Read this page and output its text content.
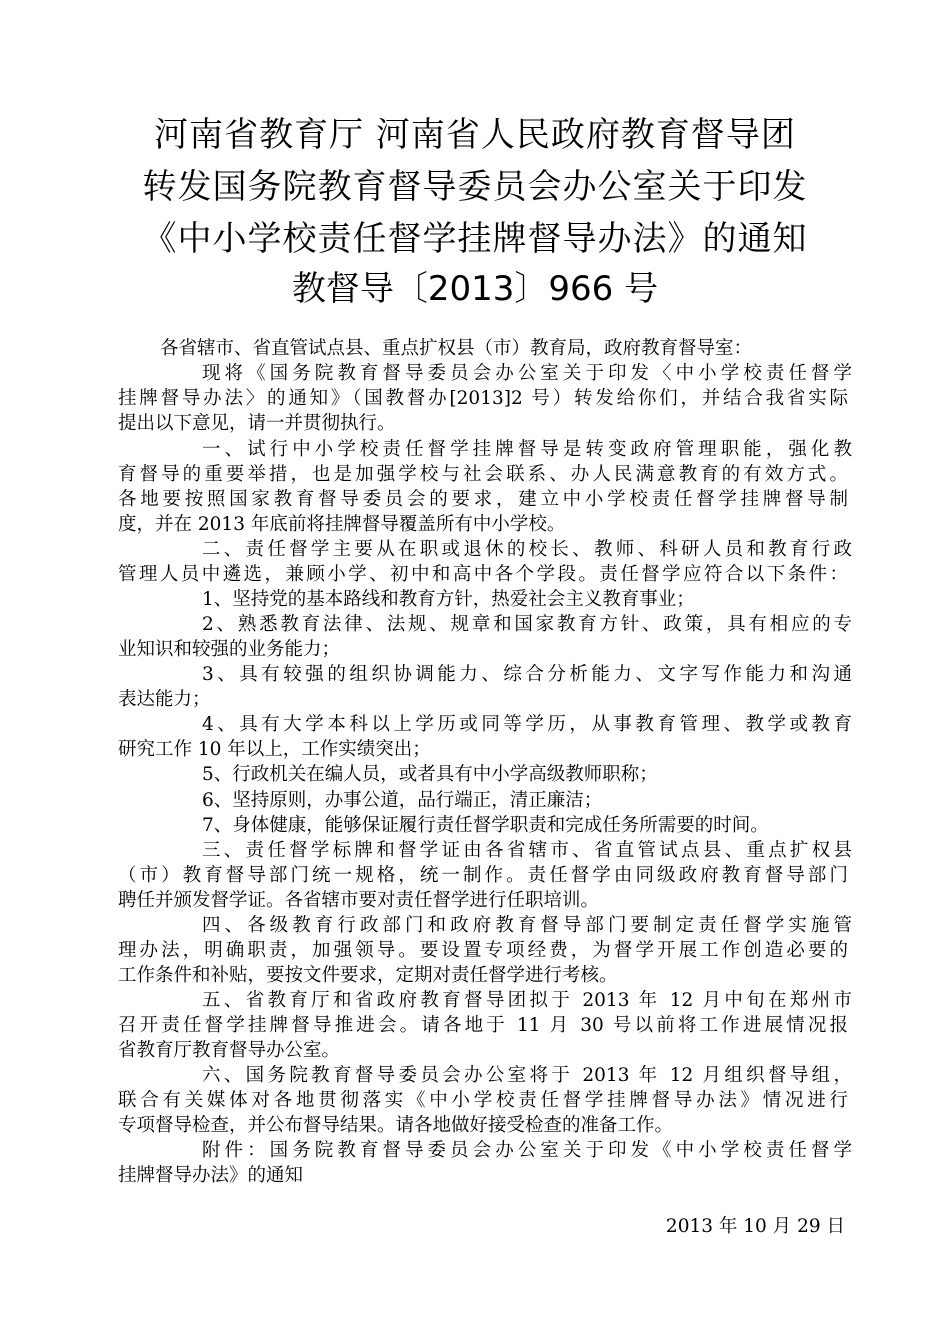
河南省教育厅 河南省人民政府教育督导团
转发国务院教育督导委员会办公室关于印发
《中小学校责任督学挂牌督导办法》的通知
教督导〔2013〕966 号
各省辖市、省直管试点县、重点扩权县（市）教育局，政府教育督导室：
现将《国务院教育督导委员会办公室关于印发〈中小学校责任督学
挂牌督导办法〉的通知》（国教督办[2013]2 号）转发给你们，并结合我省实际
提出以下意见，请一并贯彻执行。
一、试行中小学校责任督学挂牌督导是转变政府管理职能，强化教
育督导的重要举措，也是加强学校与社会联系、办人民满意教育的有效方式。
各地要按照国家教育督导委员会的要求，建立中小学校责任督学挂牌督导制
度，并在 2013 年底前将挂牌督导覆盖所有中小学校。
二、责任督学主要从在职或退休的校长、教师、科研人员和教育行政
管理人员中遴选，兼顾小学、初中和高中各个学段。责任督学应符合以下条件：
1、坚持党的基本路线和教育方针，热爱社会主义教育事业；
2、熟悉教育法律、法规、规章和国家教育方针、政策，具有相应的专
业知识和较强的业务能力；
3、具有较强的组织协调能力、综合分析能力、文字写作能力和沟通
表达能力；
4、具有大学本科以上学历或同等学历，从事教育管理、教学或教育
研究工作 10 年以上，工作实绩突出；
5、行政机关在编人员，或者具有中小学高级教师职称；
6、坚持原则，办事公道，品行端正，清正廉洁；
7、身体健康，能够保证履行责任督学职责和完成任务所需要的时间。
三、责任督学标牌和督学证由各省辖市、省直管试点县、重点扩权县
（市）教育督导部门统一规格，统一制作。责任督学由同级政府教育督导部门
聘任并颁发督学证。各省辖市要对责任督学进行任职培训。
四、各级教育行政部门和政府教育督导部门要制定责任督学实施管
理办法，明确职责，加强领导。要设置专项经费，为督学开展工作创造必要的
工作条件和补贴，要按文件要求，定期对责任督学进行考核。
五、省教育厅和省政府教育督导团拟于 2013 年 12 月中旬在郑州市
召开责任督学挂牌督导推进会。请各地于 11 月 30 号以前将工作进展情况报
省教育厅教育督导办公室。
六、国务院教育督导委员会办公室将于 2013 年 12 月组织督导组，
联合有关媒体对各地贯彻落实《中小学校责任督学挂牌督导办法》情况进行
专项督导检查，并公布督导结果。请各地做好接受检查的准备工作。
附件：国务院教育督导委员会办公室关于印发《中小学校责任督学
挂牌督导办法》的通知
2013 年 10 月 29 日
